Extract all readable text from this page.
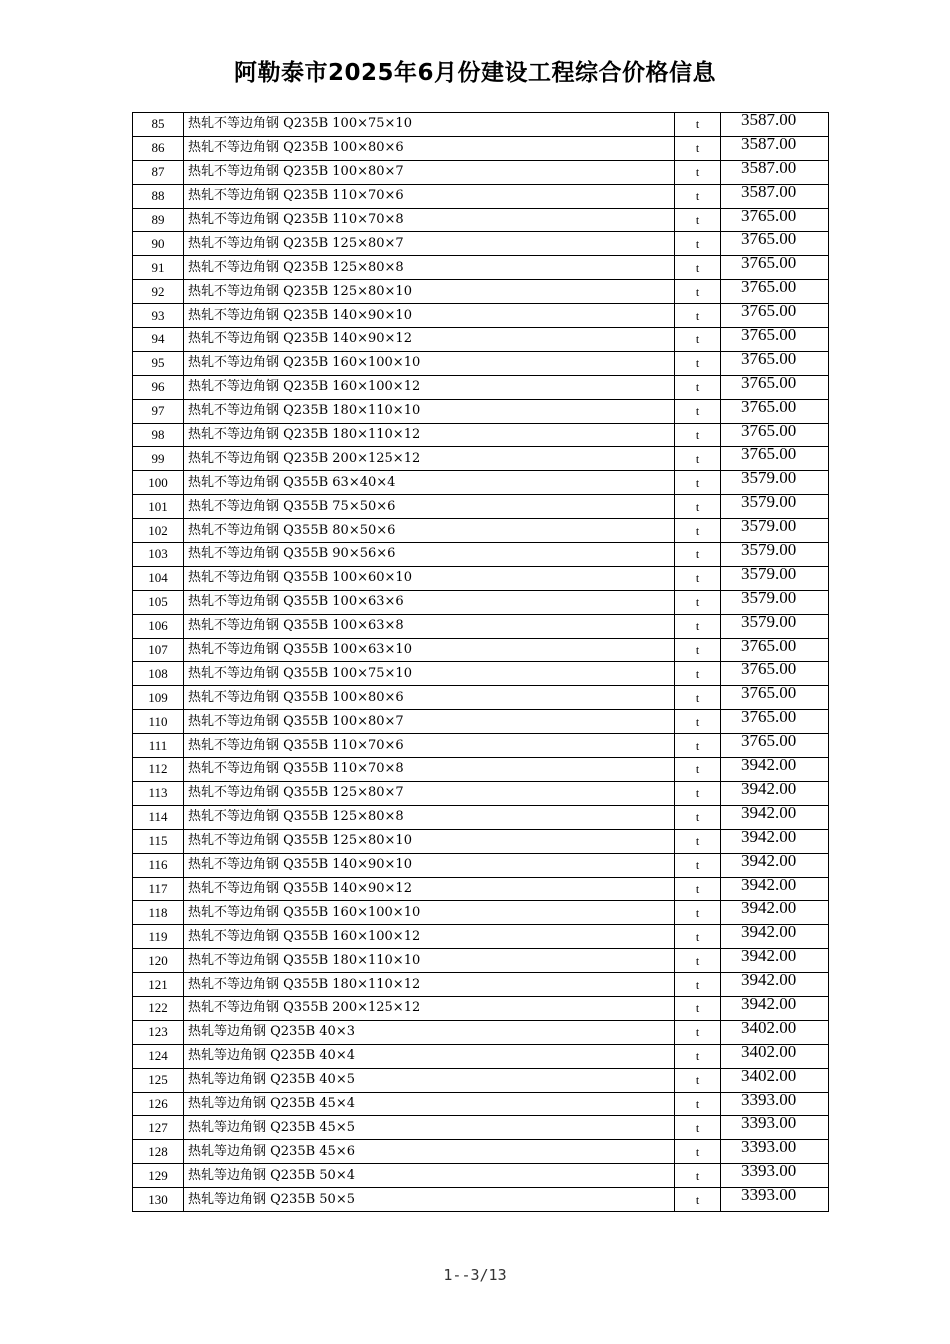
阿勒泰市2025年6月份建设工程综合价格信息
85	热轧不等边角钢 Q235B 100×75×10	t	3587.00
86	热轧不等边角钢 Q235B 100×80×6	t	3587.00
87	热轧不等边角钢 Q235B 100×80×7	t	3587.00
88	热轧不等边角钢 Q235B 110×70×6	t	3587.00
89	热轧不等边角钢 Q235B 110×70×8	t	3765.00
90	热轧不等边角钢 Q235B 125×80×7	t	3765.00
91	热轧不等边角钢 Q235B 125×80×8	t	3765.00
92	热轧不等边角钢 Q235B 125×80×10	t	3765.00
93	热轧不等边角钢 Q235B 140×90×10	t	3765.00
94	热轧不等边角钢 Q235B 140×90×12	t	3765.00
95	热轧不等边角钢 Q235B 160×100×10	t	3765.00
96	热轧不等边角钢 Q235B 160×100×12	t	3765.00
97	热轧不等边角钢 Q235B 180×110×10	t	3765.00
98	热轧不等边角钢 Q235B 180×110×12	t	3765.00
99	热轧不等边角钢 Q235B 200×125×12	t	3765.00
100	热轧不等边角钢 Q355B 63×40×4	t	3579.00
101	热轧不等边角钢 Q355B 75×50×6	t	3579.00
102	热轧不等边角钢 Q355B 80×50×6	t	3579.00
103	热轧不等边角钢 Q355B 90×56×6	t	3579.00
104	热轧不等边角钢 Q355B 100×60×10	t	3579.00
105	热轧不等边角钢 Q355B 100×63×6	t	3579.00
106	热轧不等边角钢 Q355B 100×63×8	t	3579.00
107	热轧不等边角钢 Q355B 100×63×10	t	3765.00
108	热轧不等边角钢 Q355B 100×75×10	t	3765.00
109	热轧不等边角钢 Q355B 100×80×6	t	3765.00
110	热轧不等边角钢 Q355B 100×80×7	t	3765.00
111	热轧不等边角钢 Q355B 110×70×6	t	3765.00
112	热轧不等边角钢 Q355B 110×70×8	t	3942.00
113	热轧不等边角钢 Q355B 125×80×7	t	3942.00
114	热轧不等边角钢 Q355B 125×80×8	t	3942.00
115	热轧不等边角钢 Q355B 125×80×10	t	3942.00
116	热轧不等边角钢 Q355B 140×90×10	t	3942.00
117	热轧不等边角钢 Q355B 140×90×12	t	3942.00
118	热轧不等边角钢 Q355B 160×100×10	t	3942.00
119	热轧不等边角钢 Q355B 160×100×12	t	3942.00
120	热轧不等边角钢 Q355B 180×110×10	t	3942.00
121	热轧不等边角钢 Q355B 180×110×12	t	3942.00
122	热轧不等边角钢 Q355B 200×125×12	t	3942.00
123	热轧等边角钢 Q235B 40×3	t	3402.00
124	热轧等边角钢 Q235B 40×4	t	3402.00
125	热轧等边角钢 Q235B 40×5	t	3402.00
126	热轧等边角钢 Q235B 45×4	t	3393.00
127	热轧等边角钢 Q235B 45×5	t	3393.00
128	热轧等边角钢 Q235B 45×6	t	3393.00
129	热轧等边角钢 Q235B 50×4	t	3393.00
130	热轧等边角钢 Q235B 50×5	t	3393.00
1--3/13
